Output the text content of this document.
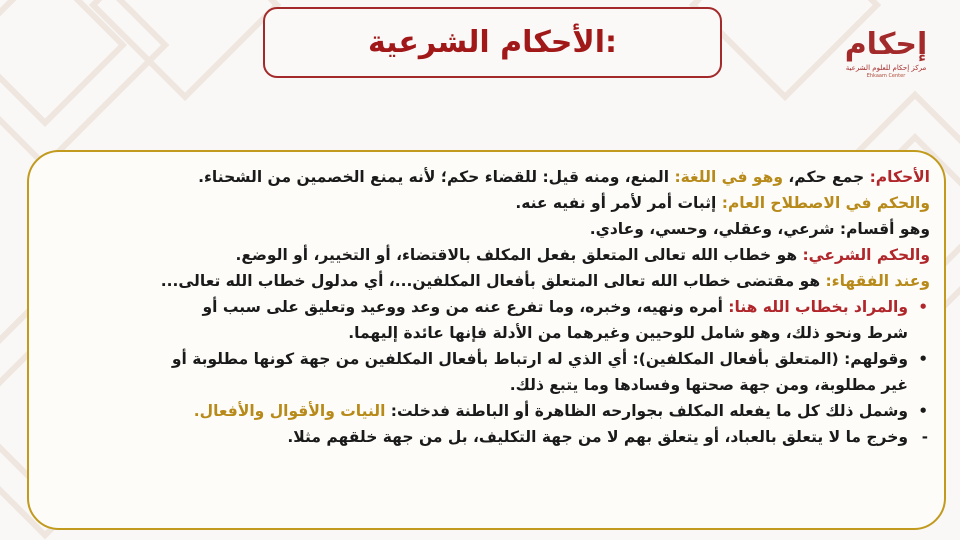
الأحكام الشرعية:	إحكام
مركز إحكام للعلوم الشرعية
Ehkaam Center
الأحكام: جمع حكم، وهو في اللغة: المنع، ومنه قيل: للقضاء حكم؛ لأنه يمنع الخصمين من الشحناء.
والحكم في الاصطلاح العام: إثبات أمر لأمر أو نفيه عنه.
وهو أقسام: شرعي، وعقلي، وحسي، وعادي.
والحكم الشرعي: هو خطاب الله تعالى المتعلق بفعل المكلف بالاقتضاء، أو التخيير، أو الوضع.
وعند الفقهاء: هو مقتضى خطاب الله تعالى المتعلق بأفعال المكلفين...، أي مدلول خطاب الله تعالى...
•
والمراد بخطاب الله هنا: أمره ونهيه، وخبره، وما تفرع عنه من وعد ووعيد وتعليق على سبب أو
شرط ونحو ذلك، وهو شامل للوحيين وغيرهما من الأدلة فإنها عائدة إليهما.
•
وقولهم: (المتعلق بأفعال المكلفين): أي الذي له ارتباط بأفعال المكلفين من جهة كونها مطلوبة أو
غير مطلوبة، ومن جهة صحتها وفسادها وما يتبع ذلك.
•
وشمل ذلك كل ما يفعله المكلف بجوارحه الظاهرة أو الباطنة فدخلت: النيات والأقوال والأفعال.
-
وخرج ما لا يتعلق بالعباد، أو يتعلق بهم لا من جهة التكليف، بل من جهة خلقهم مثلا.
